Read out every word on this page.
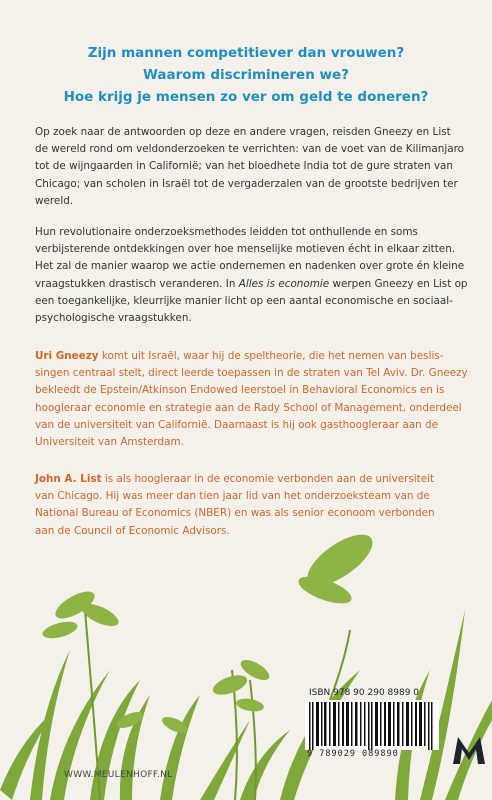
Zijn mannen competitiever dan vrouwen?
Waarom discrimineren we?
Hoe krijg je mensen zo ver om geld te doneren?
Op zoek naar de antwoorden op deze en andere vragen, reisden Gneezy en List
de wereld rond om veldonderzoeken te verrichten: van de voet van de Kilimanjaro
tot de wijngaarden in Californië; van het bloedhete India tot de gure straten van
Chicago; van scholen in Israël tot de vergaderzalen van de grootste bedrijven ter
wereld.
Hun revolutionaire onderzoeksmethodes leidden tot onthullende en soms
verbijsterende ontdekkingen over hoe menselijke motieven écht in elkaar zitten.
Het zal de manier waarop we actie ondernemen en nadenken over grote én kleine
vraagstukken drastisch veranderen. In Alles is economie werpen Gneezy en List op
een toegankelijke, kleurrijke manier licht op een aantal economische en sociaal-
psychologische vraagstukken.
Uri Gneezy komt uit Israël, waar hij de speltheorie, die het nemen van beslis-
singen centraal stelt, direct leerde toepassen in de straten van Tel Aviv. Dr. Gneezy
bekleedt de Epstein/Atkinson Endowed leerstoel in Behavioral Economics en is
hoogleraar economie en strategie aan de Rady School of Management, onderdeel
van de universiteit van Californië. Daarnaast is hij ook gasthoogleraar aan de
Universiteit van Amsterdam.
John A. List is als hoogleraar in de economie verbonden aan de universiteit
van Chicago. Hij was meer dan tien jaar lid van het onderzoeksteam van de
National Bureau of Economics (NBER) en was als senior econoom verbonden
aan de Council of Economic Advisors.
ISBN 978 90 290 8989 0
9 789029 089890
WWW.MEULENHOFF.NL
